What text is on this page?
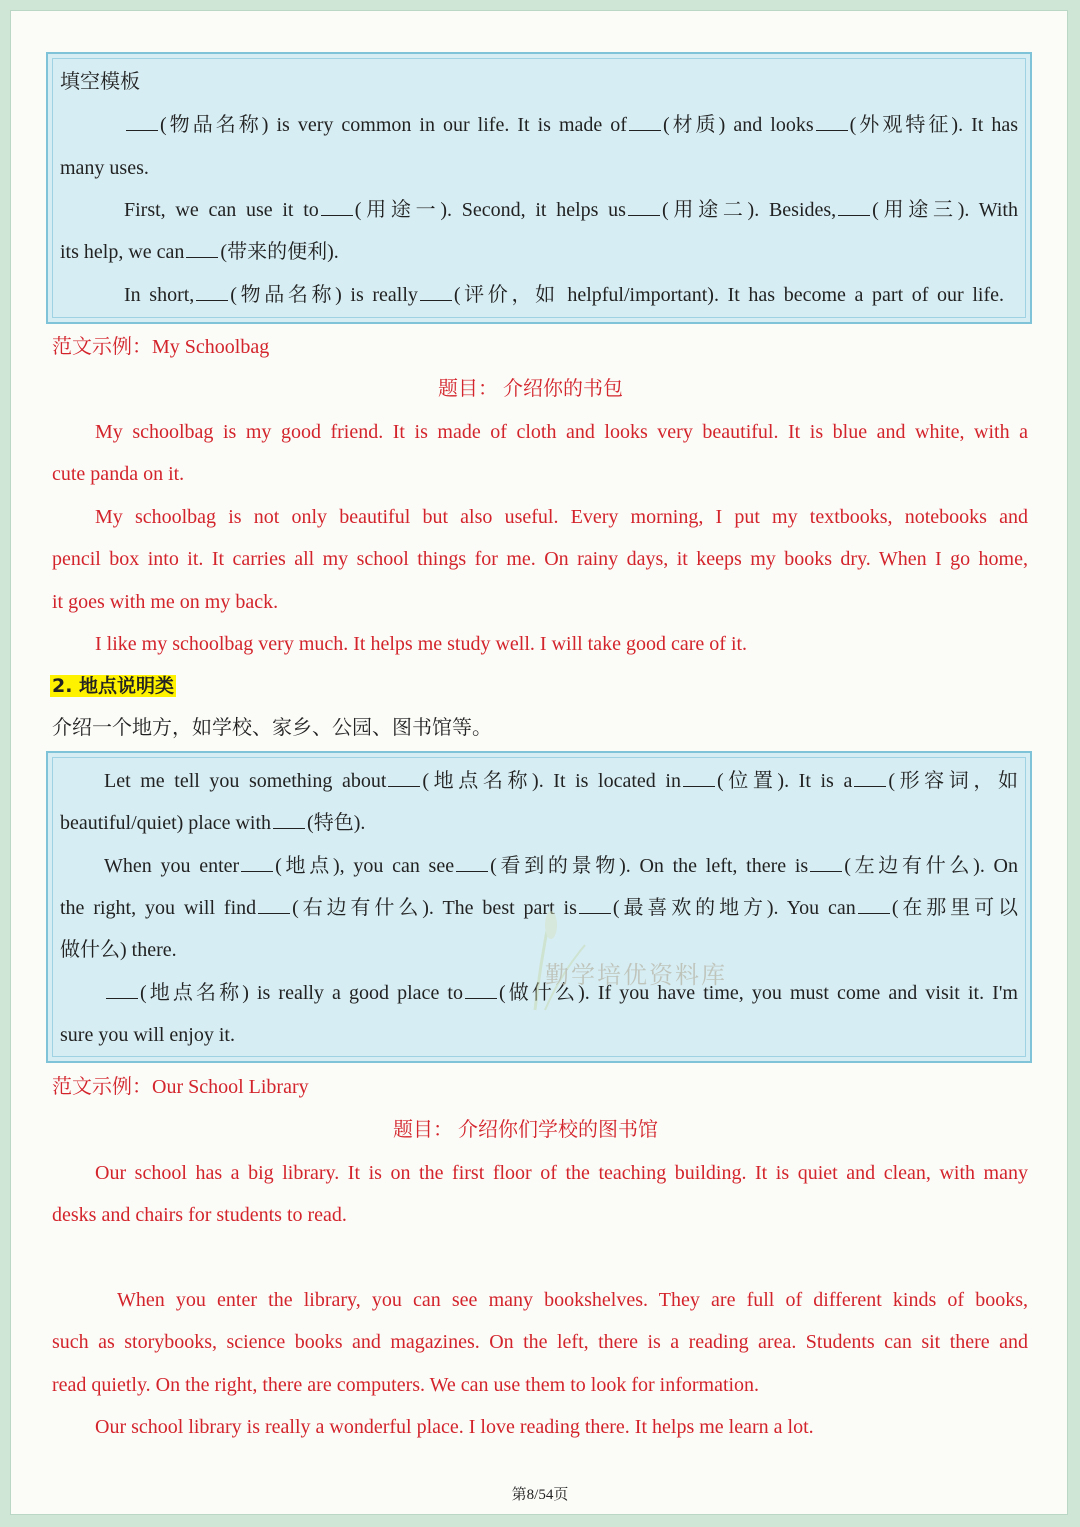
填空模板
(物品名称) is very common in our life. It is made of (材质) and looks (外观特征). It has
many uses.
First, we can use it to (用途一). Second, it helps us (用途二). Besides, (用途三). With
its help, we can (带来的便利).
In short, (物品名称) is really (评价，如 helpful/important). It has become a part of our life.
范文示例：My Schoolbag
题目： 介绍你的书包
My schoolbag is my good friend. It is made of cloth and looks very beautiful. It is blue and white, with a
cute panda on it.
My schoolbag is not only beautiful but also useful. Every morning, I put my textbooks, notebooks and
pencil box into it. It carries all my school things for me. On rainy days, it keeps my books dry. When I go home,
it goes with me on my back.
I like my schoolbag very much. It helps me study well. I will take good care of it.
2. 地点说明类
介绍一个地方，如学校、家乡、公园、图书馆等。
Let me tell you something about (地点名称). It is located in (位置). It is a (形容词，如
beautiful/quiet) place with (特色).
When you enter (地点), you can see (看到的景物). On the left, there is (左边有什么). On
the right, you will find (右边有什么). The best part is (最喜欢的地方). You can (在那里可以
做什么) there.
(地点名称) is really a good place to (做什么). If you have time, you must come and visit it. I'm
sure you will enjoy it.
勤学培优资料库
范文示例：Our School Library
题目： 介绍你们学校的图书馆
Our school has a big library. It is on the first floor of the teaching building. It is quiet and clean, with many
desks and chairs for students to read.
When you enter the library, you can see many bookshelves. They are full of different kinds of books,
such as storybooks, science books and magazines. On the left, there is a reading area. Students can sit there and
read quietly. On the right, there are computers. We can use them to look for information.
Our school library is really a wonderful place. I love reading there. It helps me learn a lot.
第8/54页
